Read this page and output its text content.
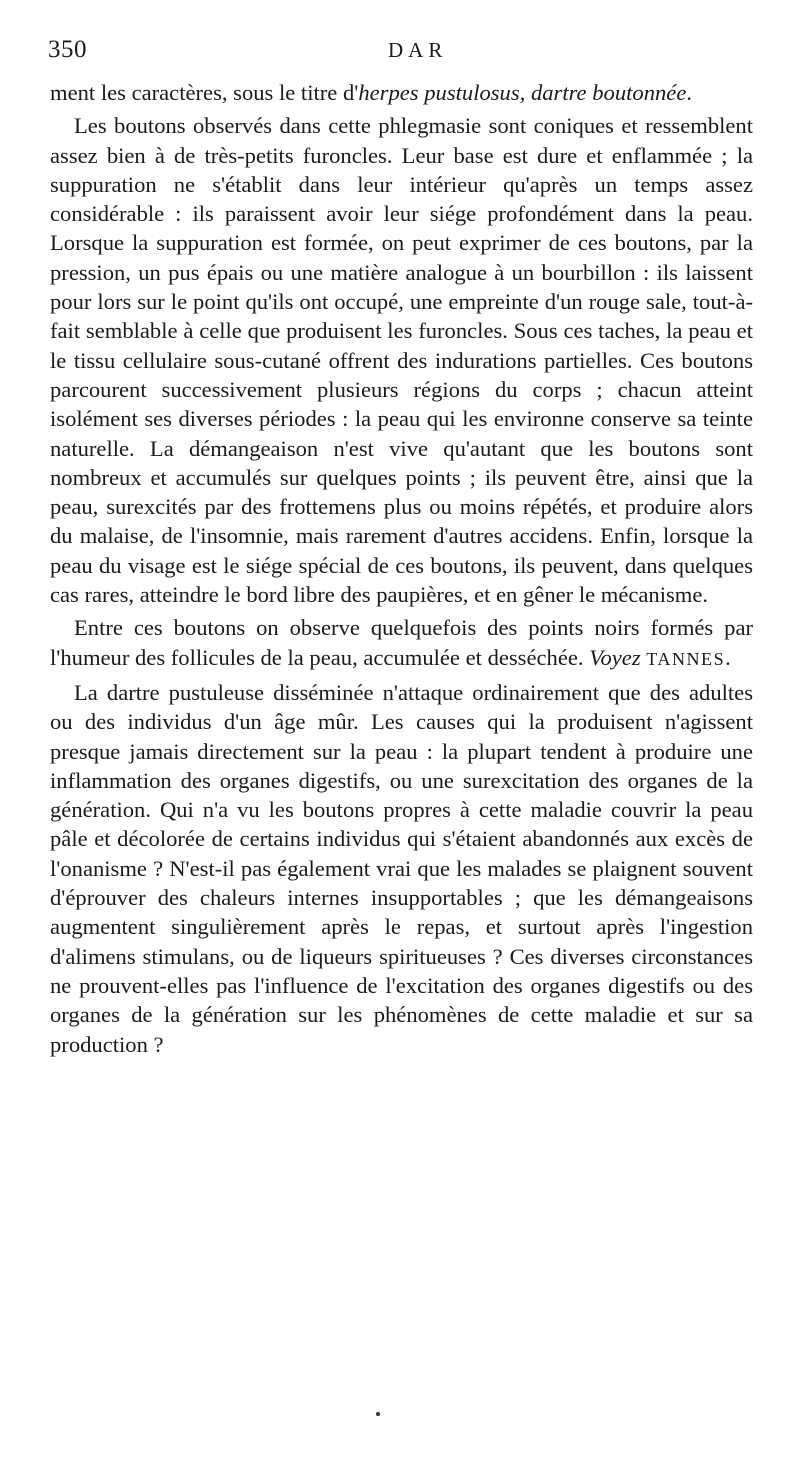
350	DAR

ment les caractères, sous le titre d'herpes pustulosus, dartre boutonnée.

Les boutons observés dans cette phlegmasie sont coniques et ressemblent assez bien à de très-petits furoncles. Leur base est dure et enflammée ; la suppuration ne s'établit dans leur intérieur qu'après un temps assez considérable : ils paraissent avoir leur siége profondément dans la peau. Lorsque la suppuration est formée, on peut exprimer de ces boutons, par la pression, un pus épais ou une matière analogue à un bourbillon : ils laissent pour lors sur le point qu'ils ont occupé, une empreinte d'un rouge sale, tout-à-fait semblable à celle que produisent les furoncles. Sous ces taches, la peau et le tissu cellulaire sous-cutané offrent des indurations partielles. Ces boutons parcourent successivement plusieurs régions du corps ; chacun atteint isolément ses diverses périodes : la peau qui les environne conserve sa teinte naturelle. La démangeaison n'est vive qu'autant que les boutons sont nombreux et accumulés sur quelques points ; ils peuvent être, ainsi que la peau, surexcités par des frottemens plus ou moins répétés, et produire alors du malaise, de l'insomnie, mais rarement d'autres accidens. Enfin, lorsque la peau du visage est le siége spécial de ces boutons, ils peuvent, dans quelques cas rares, atteindre le bord libre des paupières, et en gêner le mécanisme.

Entre ces boutons on observe quelquefois des points noirs formés par l'humeur des follicules de la peau, accumulée et desséchée. Voyez TANNES.

La dartre pustuleuse disséminée n'attaque ordinairement que des adultes ou des individus d'un âge mûr. Les causes qui la produisent n'agissent presque jamais directement sur la peau : la plupart tendent à produire une inflammation des organes digestifs, ou une surexcitation des organes de la génération. Qui n'a vu les boutons propres à cette maladie couvrir la peau pâle et décolorée de certains individus qui s'étaient abandonnés aux excès de l'onanisme ? N'est-il pas également vrai que les malades se plaignent souvent d'éprouver des chaleurs internes insupportables ; que les démangeaisons augmentent singulièrement après le repas, et surtout après l'ingestion d'alimens stimulans, ou de liqueurs spiritueuses ? Ces diverses circonstances ne prouvent-elles pas l'influence de l'excitation des organes digestifs ou des organes de la génération sur les phénomènes de cette maladie et sur sa production ?
